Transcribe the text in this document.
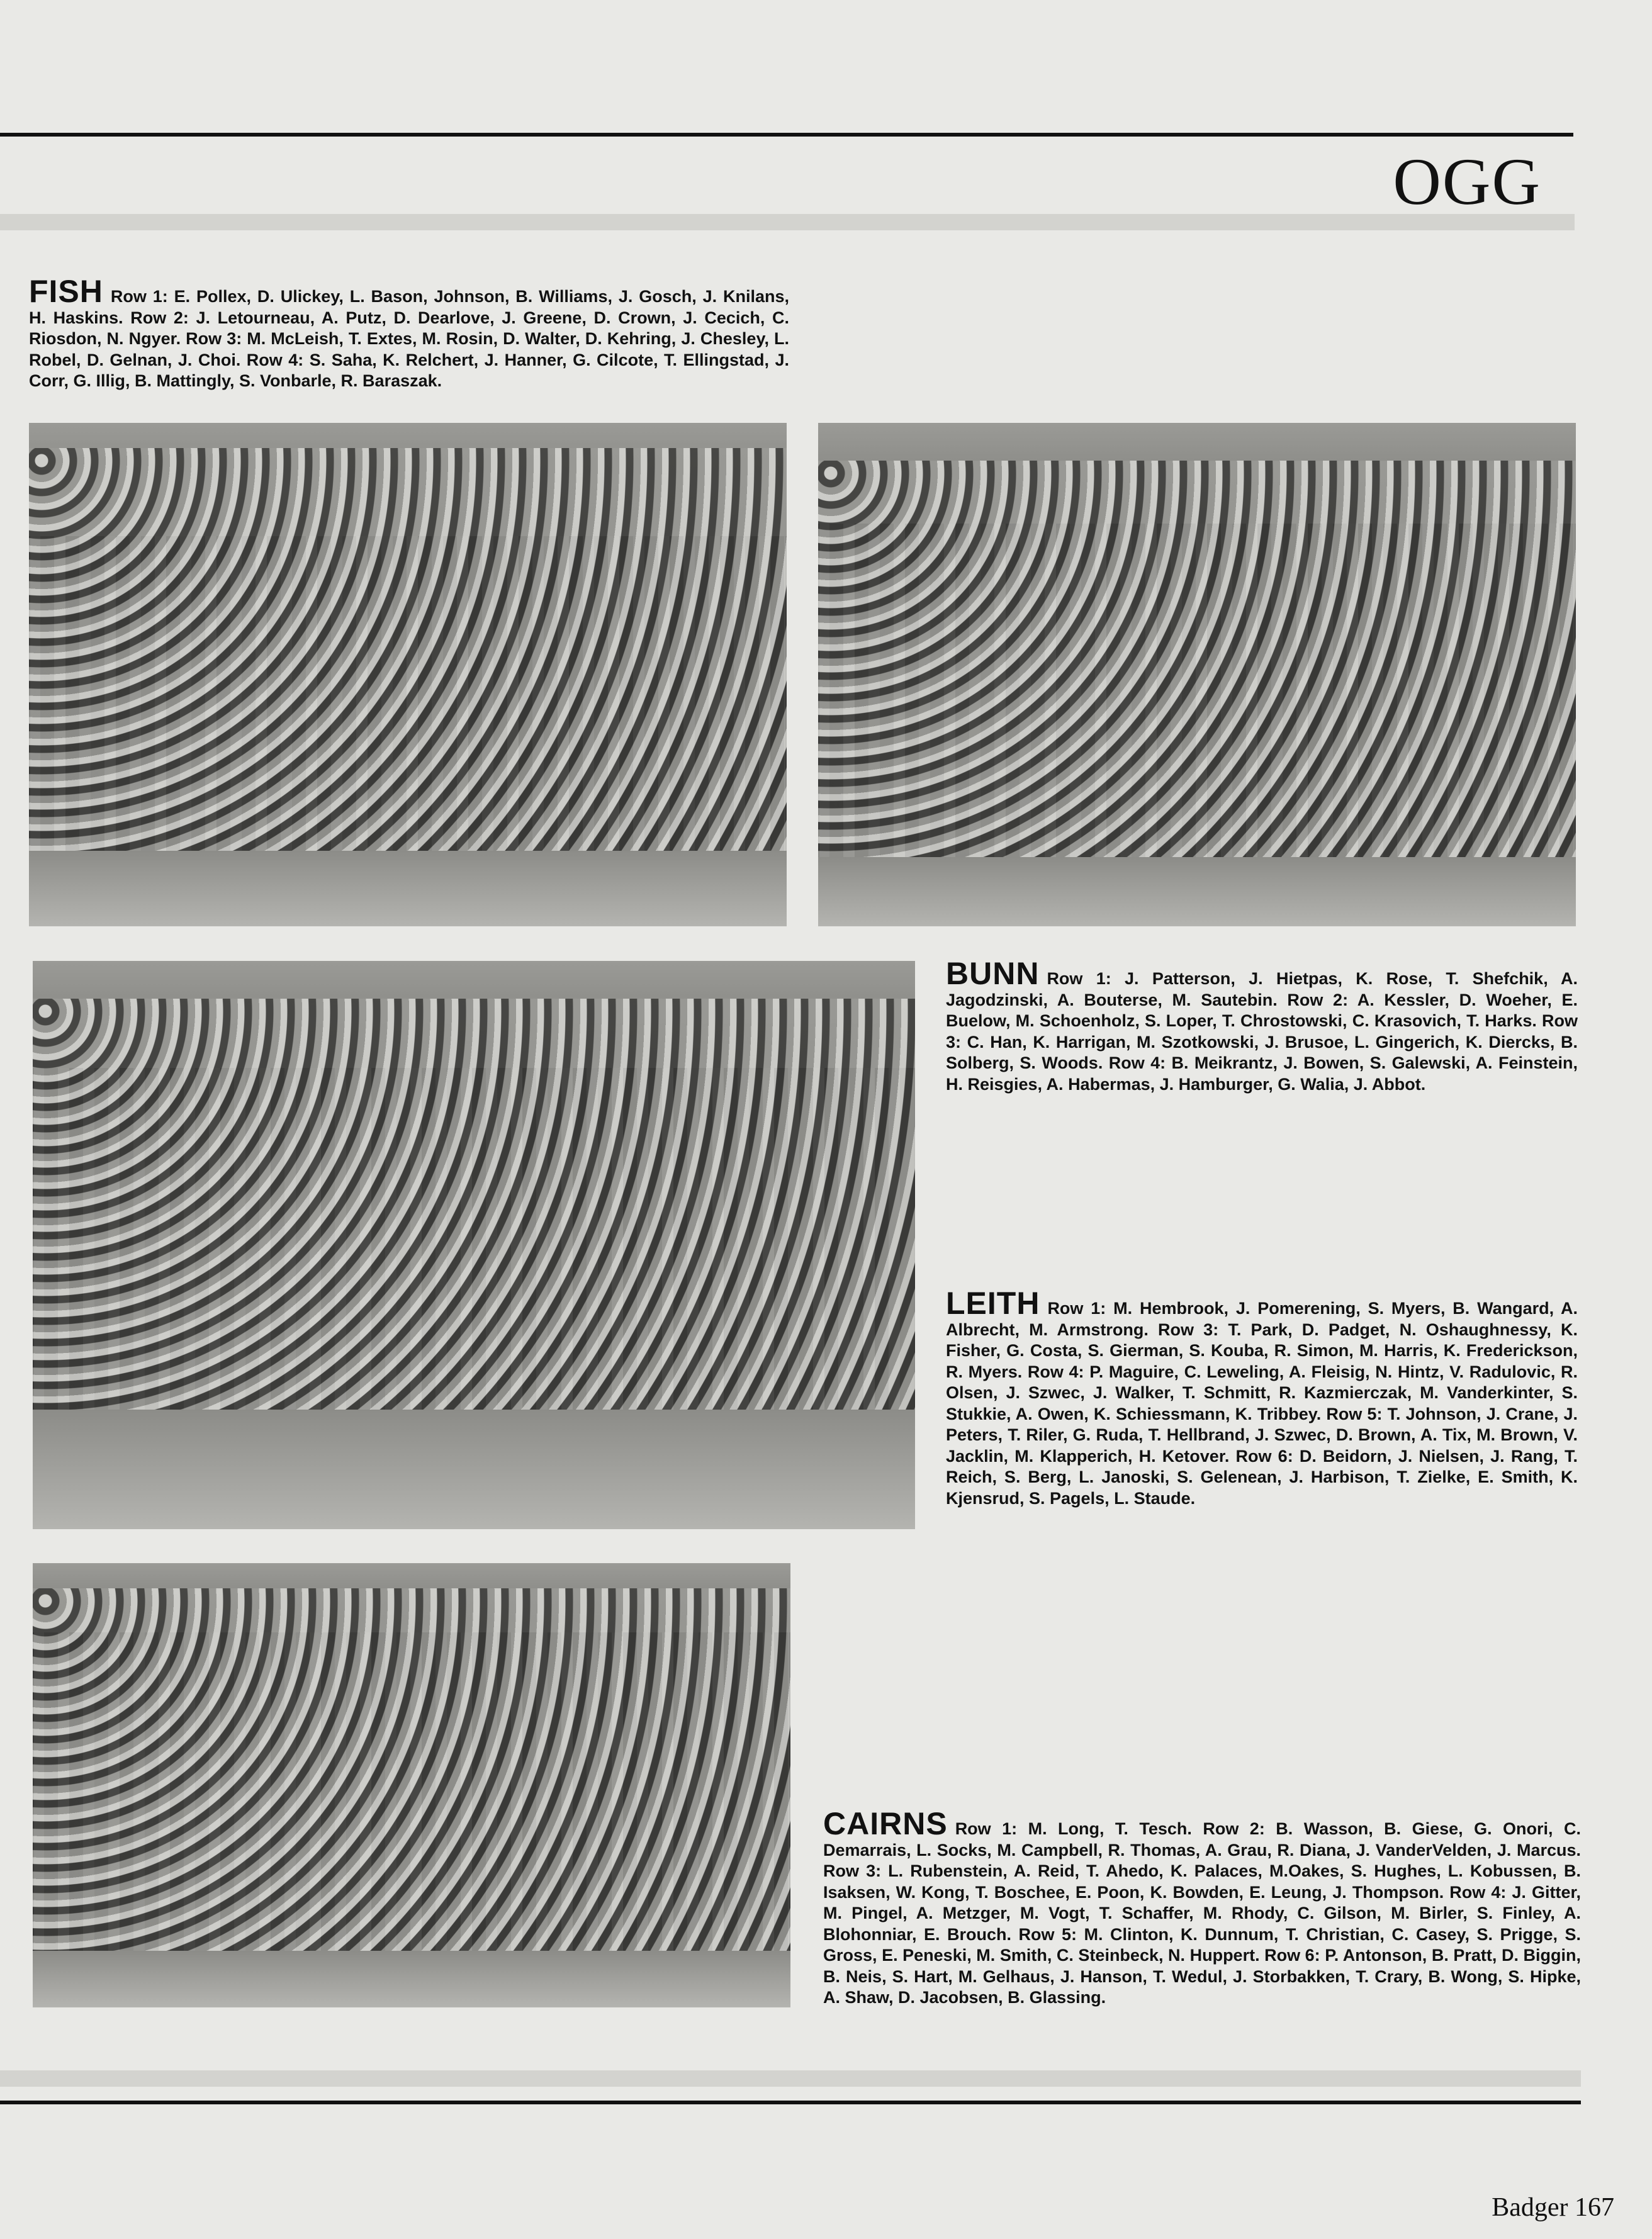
OGG
FISH Row 1: E. Pollex, D. Ulickey, L. Bason, Johnson, B. Williams, J. Gosch, J. Knilans, H. Haskins. Row 2: J. Letourneau, A. Putz, D. Dearlove, J. Greene, D. Crown, J. Cecich, C. Riosdon, N. Ngyer. Row 3: M. McLeish, T. Extes, M. Rosin, D. Walter, D. Kehring, J. Chesley, L. Robel, D. Gelnan, J. Choi. Row 4: S. Saha, K. Relchert, J. Hanner, G. Cilcote, T. Ellingstad, J. Corr, G. Illig, B. Mattingly, S. Vonbarle, R. Baraszak.
BUNN Row 1: J. Patterson, J. Hietpas, K. Rose, T. Shefchik, A. Jagodzinski, A. Bouterse, M. Sautebin. Row 2: A. Kessler, D. Woeher, E. Buelow, M. Schoenholz, S. Loper, T. Chrostowski, C. Krasovich, T. Harks. Row 3: C. Han, K. Harrigan, M. Szotkowski, J. Brusoe, L. Gingerich, K. Diercks, B. Solberg, S. Woods. Row 4: B. Meikrantz, J. Bowen, S. Galewski, A. Feinstein, H. Reisgies, A. Habermas, J. Hamburger, G. Walia, J. Abbot.
LEITH Row 1: M. Hembrook, J. Pomerening, S. Myers, B. Wangard, A. Albrecht, M. Armstrong. Row 3: T. Park, D. Padget, N. Oshaughnessy, K. Fisher, G. Costa, S. Gierman, S. Kouba, R. Simon, M. Harris, K. Frederickson, R. Myers. Row 4: P. Maguire, C. Leweling, A. Fleisig, N. Hintz, V. Radulovic, R. Olsen, J. Szwec, J. Walker, T. Schmitt, R. Kazmierczak, M. Vanderkinter, S. Stukkie, A. Owen, K. Schiessmann, K. Tribbey. Row 5: T. Johnson, J. Crane, J. Peters, T. Riler, G. Ruda, T. Hellbrand, J. Szwec, D. Brown, A. Tix, M. Brown, V. Jacklin, M. Klapperich, H. Ketover. Row 6: D. Beidorn, J. Nielsen, J. Rang, T. Reich, S. Berg, L. Janoski, S. Gelenean, J. Harbison, T. Zielke, E. Smith, K. Kjensrud, S. Pagels, L. Staude.
CAIRNS Row 1: M. Long, T. Tesch. Row 2: B. Wasson, B. Giese, G. Onori, C. Demarrais, L. Socks, M. Campbell, R. Thomas, A. Grau, R. Diana, J. VanderVelden, J. Marcus. Row 3: L. Rubenstein, A. Reid, T. Ahedo, K. Palaces, M.Oakes, S. Hughes, L. Kobussen, B. Isaksen, W. Kong, T. Boschee, E. Poon, K. Bowden, E. Leung, J. Thompson. Row 4: J. Gitter, M. Pingel, A. Metzger, M. Vogt, T. Schaffer, M. Rhody, C. Gilson, M. Birler, S. Finley, A. Blohonniar, E. Brouch. Row 5: M. Clinton, K. Dunnum, T. Christian, C. Casey, S. Prigge, S. Gross, E. Peneski, M. Smith, C. Steinbeck, N. Huppert. Row 6: P. Antonson, B. Pratt, D. Biggin, B. Neis, S. Hart, M. Gelhaus, J. Hanson, T. Wedul, J. Storbakken, T. Crary, B. Wong, S. Hipke, A. Shaw, D. Jacobsen, B. Glassing.
Badger 167
